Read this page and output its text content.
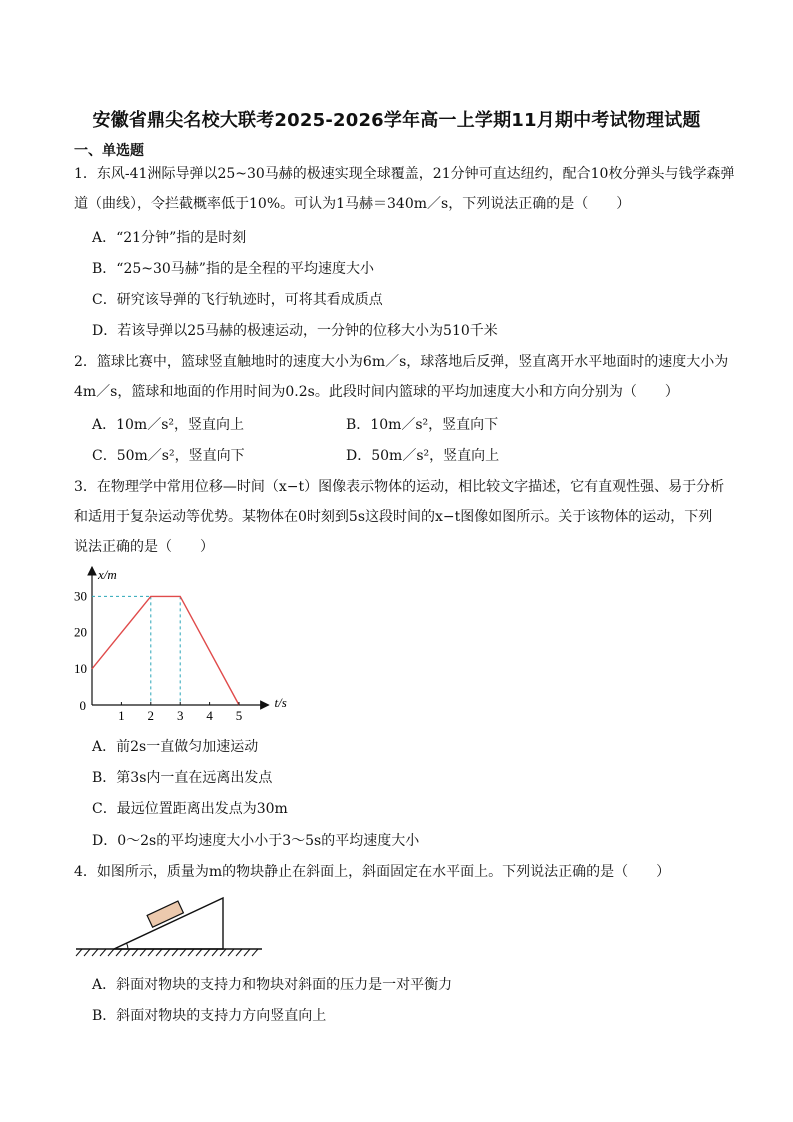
安徽省鼎尖名校大联考2025-2026学年高一上学期11月期中考试物理试题
一、单选题
1．东风-41洲际导弹以25~30马赫的极速实现全球覆盖，21分钟可直达纽约，配合10枚分弹头与钱学森弹
道（曲线），令拦截概率低于10%。可认为1马赫＝340m／s，下列说法正确的是（　　）
A．“21分钟”指的是时刻
B．“25~30马赫”指的是全程的平均速度大小
C．研究该导弹的飞行轨迹时，可将其看成质点
D．若该导弹以25马赫的极速运动，一分钟的位移大小为510千米
2．篮球比赛中，篮球竖直触地时的速度大小为6m／s，球落地后反弹，竖直离开水平地面时的速度大小为
4m／s，篮球和地面的作用时间为0.2s。此段时间内篮球的平均加速度大小和方向分别为（　　）
A．10m／s²，竖直向上	B．10m／s²，竖直向下
C．50m／s²，竖直向下	D．50m／s²，竖直向上
3．在物理学中常用位移—时间（x−t）图像表示物体的运动，相比较文字描述，它有直观性强、易于分析
和适用于复杂运动等优势。某物体在0时刻到5s这段时间的x−t图像如图所示。关于该物体的运动，下列
说法正确的是（　　）
1 2 3 4 5
10
20
30
0	t/s
x/m
A．前2s一直做匀加速运动
B．第3s内一直在远离出发点
C．最远位置距离出发点为30m
D．0～2s的平均速度大小小于3～5s的平均速度大小
4．如图所示，质量为m的物块静止在斜面上，斜面固定在水平面上。下列说法正确的是（　　）
A．斜面对物块的支持力和物块对斜面的压力是一对平衡力
B．斜面对物块的支持力方向竖直向上
